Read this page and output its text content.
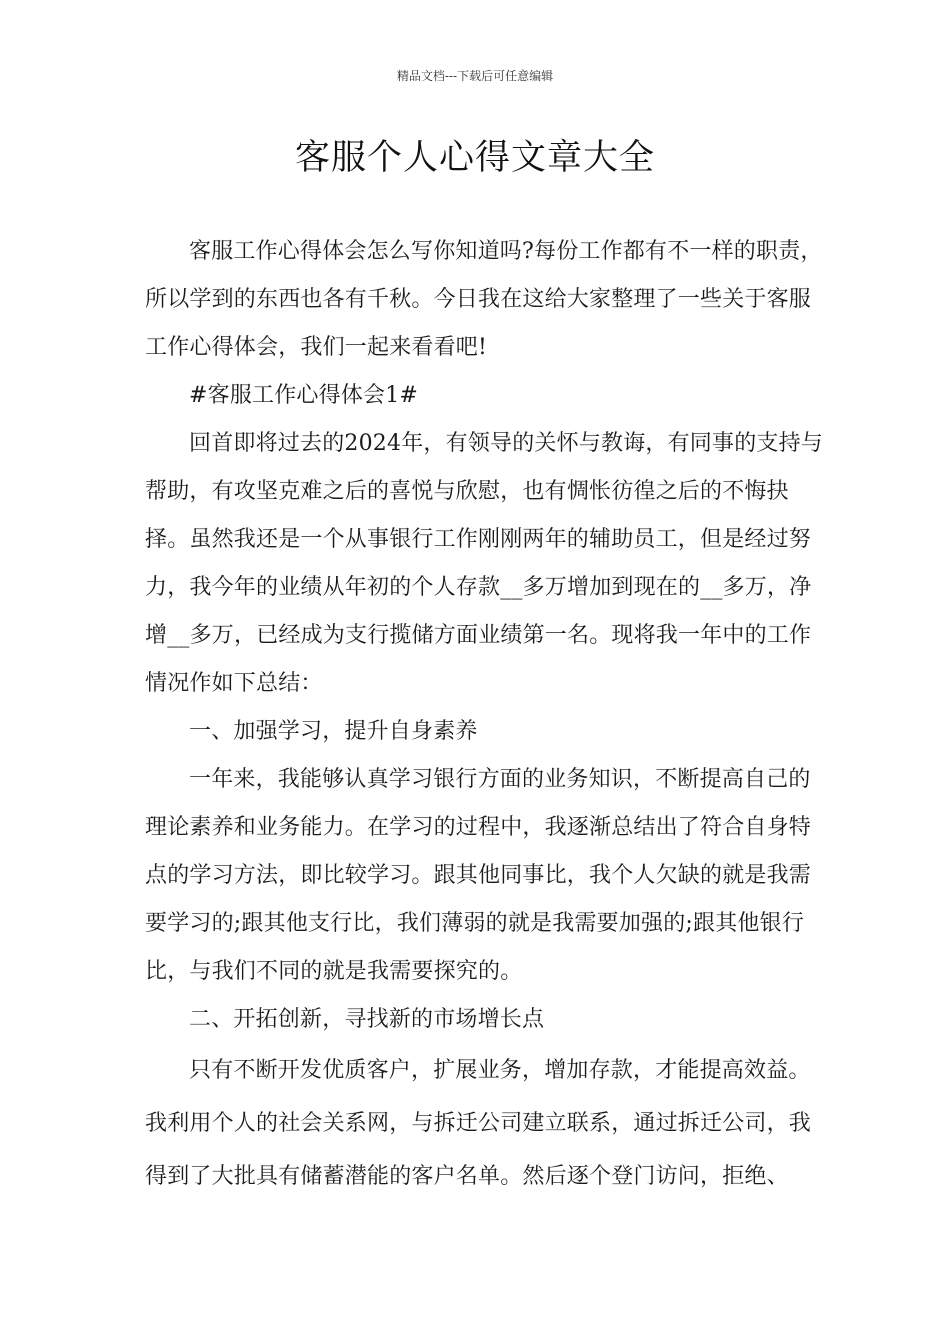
精品文档---下载后可任意编辑
客服个人心得文章大全

客服工作心得体会怎么写你知道吗?每份工作都有不一样的职责，所以学到的东西也各有千秋。今日我在这给大家整理了一些关于客服工作心得体会，我们一起来看看吧!

#客服工作心得体会1#

回首即将过去的2024年，有领导的关怀与教诲，有同事的支持与帮助，有攻坚克难之后的喜悦与欣慰，也有惆怅彷徨之后的不悔抉择。虽然我还是一个从事银行工作刚刚两年的辅助员工，但是经过努力，我今年的业绩从年初的个人存款__多万增加到现在的__多万，净增__多万，已经成为支行揽储方面业绩第一名。现将我一年中的工作情况作如下总结：

一、加强学习，提升自身素养

一年来，我能够认真学习银行方面的业务知识，不断提高自己的理论素养和业务能力。在学习的过程中，我逐渐总结出了符合自身特点的学习方法，即比较学习。跟其他同事比，我个人欠缺的就是我需要学习的;跟其他支行比，我们薄弱的就是我需要加强的;跟其他银行比，与我们不同的就是我需要探究的。

二、开拓创新，寻找新的市场增长点

只有不断开发优质客户，扩展业务，增加存款，才能提高效益。我利用个人的社会关系网，与拆迁公司建立联系，通过拆迁公司，我得到了大批具有储蓄潜能的客户名单。然后逐个登门访问，拒绝、
